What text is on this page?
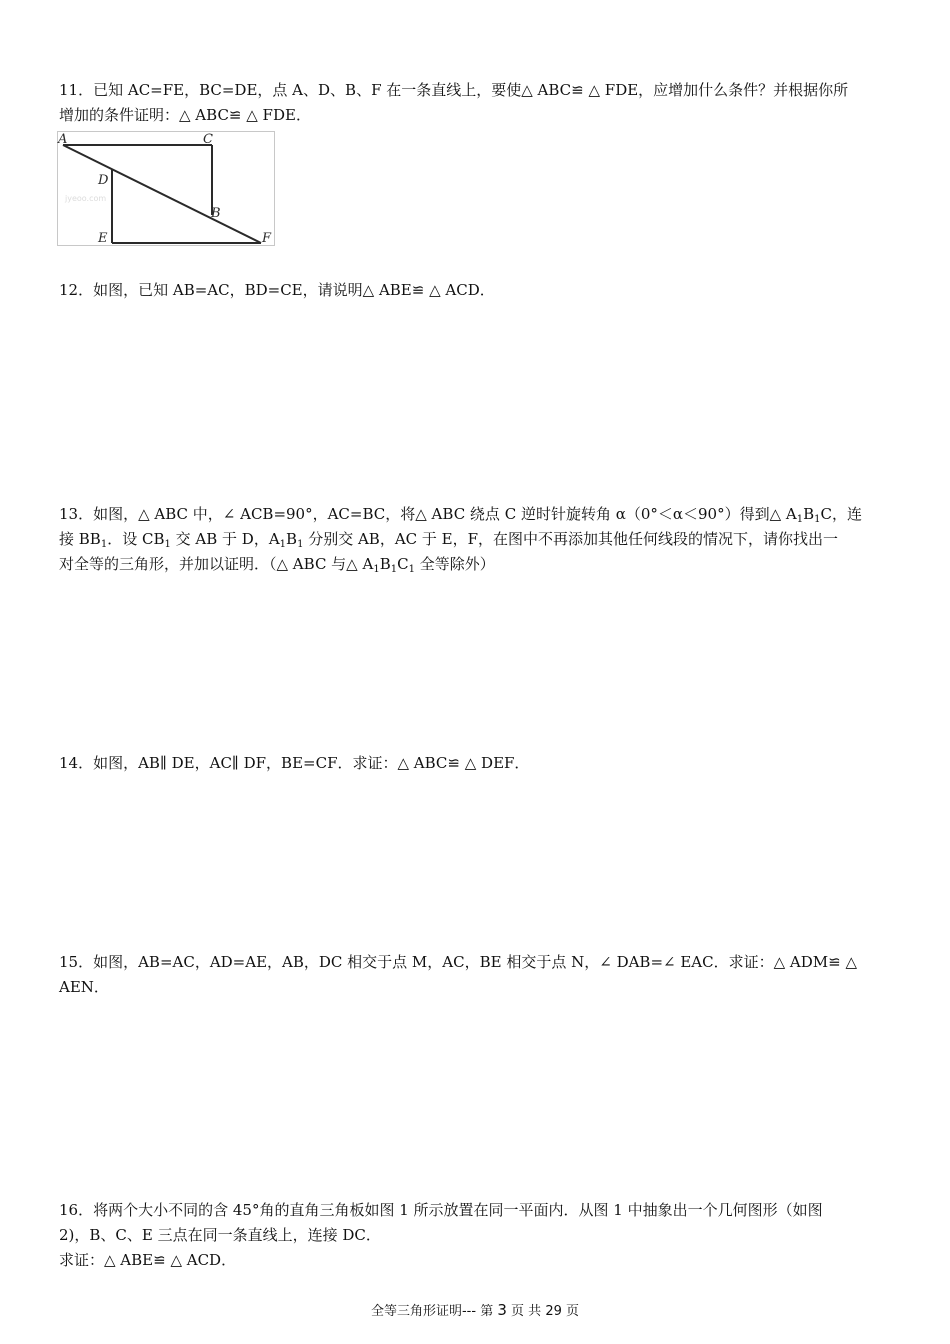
11．已知 AC=FE，BC=DE，点 A、D、B、F 在一条直线上，要使△ ABC≌ △ FDE，应增加什么条件？并根据你所

增加的条件证明：△ ABC≌ △ FDE．

jyeoo.com
A	C
D
B
E	F

12．如图，已知 AB=AC，BD=CE，请说明△ ABE≌ △ ACD．

13．如图，△ ABC 中，∠ ACB=90°，AC=BC，将△ ABC 绕点 C 逆时针旋转角 α（0°＜α＜90°）得到△ $A_1B_1C$，连

接 $BB_1$．设 $CB_1$ 交 AB 于 D，$A_1B_1$ 分别交 AB，AC 于 E，F，在图中不再添加其他任何线段的情况下，请你找出一

对全等的三角形，并加以证明．（△ ABC 与△ $A_1B_1C_1$ 全等除外）

14．如图，AB∥ DE，AC∥ DF，BE=CF．求证：△ ABC≌ △ DEF．

15．如图，AB=AC，AD=AE，AB，DC 相交于点 M，AC，BE 相交于点 N，∠ DAB=∠ EAC．求证：△ ADM≌ △ AEN．

16．将两个大小不同的含 45°角的直角三角板如图 1 所示放置在同一平面内．从图 1 中抽象出一个几何图形（如图

2)，B、C、E 三点在同一条直线上，连接 DC．

求证：△ ABE≌ △ ACD．

全等三角形证明--- 第 3 页 共 29 页
